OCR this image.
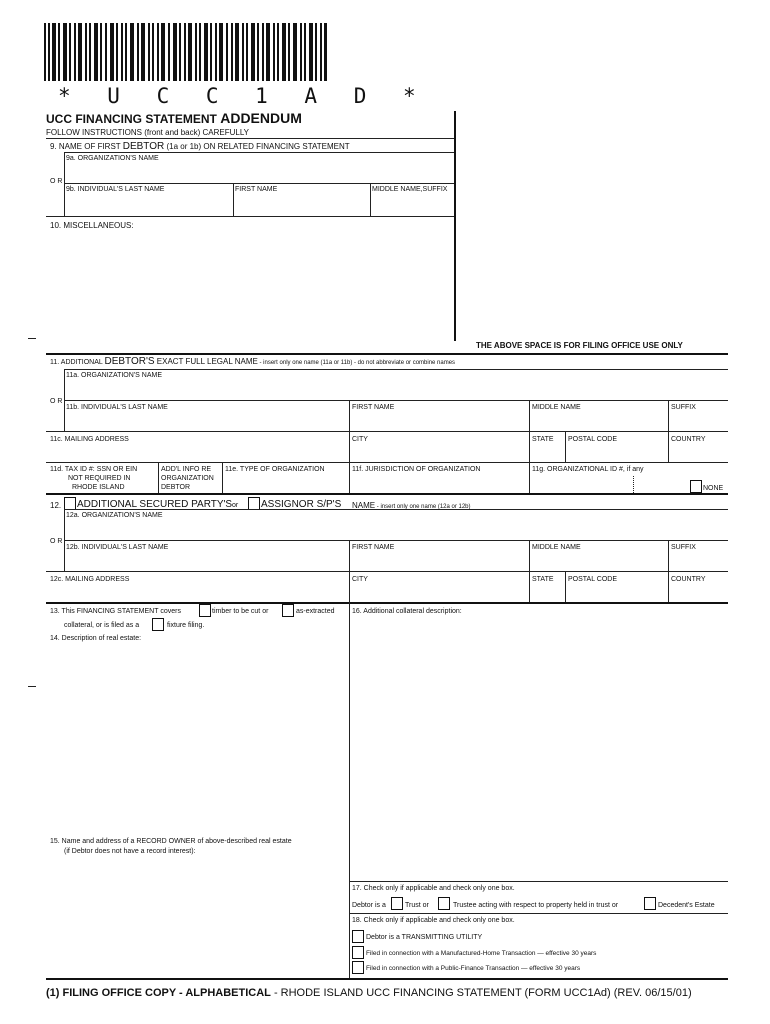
* U C C 1 A D *
UCC FINANCING STATEMENT ADDENDUM
FOLLOW INSTRUCTIONS (front and back) CAREFULLY
9. NAME OF FIRST DEBTOR (1a or 1b) ON RELATED FINANCING STATEMENT
9a. ORGANIZATION'S NAME
O R
9b. INDIVIDUAL'S LAST NAME	FIRST NAME	MIDDLE NAME,SUFFIX
10. MISCELLANEOUS:
THE ABOVE SPACE IS FOR FILING OFFICE USE ONLY
11. ADDITIONAL DEBTOR'S EXACT FULL LEGAL NAME - insert only one name (11a or 11b) - do not abbreviate or combine names
11a. ORGANIZATION'S NAME
O R
11b. INDIVIDUAL'S LAST NAME	FIRST NAME	MIDDLE NAME	SUFFIX
11c. MAILING ADDRESS	CITY	STATE POSTAL CODE	COUNTRY
11d. TAX ID #: SSN OR EIN
NOT REQUIRED IN
RHODE ISLAND
ADD'L INFO RE
ORGANIZATION
DEBTOR
11e. TYPE OF ORGANIZATION	11f. JURISDICTION OF ORGANIZATION	11g. ORGANIZATIONAL ID #, if any
NONE
12. ADDITIONAL SECURED PARTY'S or ASSIGNOR S/P'S NAME - insert only one name (12a or 12b)
12a. ORGANIZATION'S NAME
O R
12b. INDIVIDUAL'S LAST NAME	FIRST NAME	MIDDLE NAME	SUFFIX
12c. MAILING ADDRESS	CITY	STATE POSTAL CODE	COUNTRY
13. This FINANCING STATEMENT covers	timber to be cut or	as-extracted
collateral, or is filed as a	fixture filing.
14. Description of real estate:
15. Name and address of a RECORD OWNER of above-described real estate
(if Debtor does not have a record interest):
16. Additional collateral description:
17. Check only if applicable and check only one box.
Debtor is a	Trust or	Trustee acting with respect to property held in trust or	Decedent's Estate
18. Check only if applicable and check only one box.
Debtor is a TRANSMITTING UTILITY
Filed in connection with a Manufactured-Home Transaction — effective 30 years
Filed in connection with a Public-Finance Transaction — effective 30 years
(1) FILING OFFICE COPY - ALPHABETICAL - RHODE ISLAND UCC FINANCING STATEMENT (FORM UCC1Ad) (REV. 06/15/01)
